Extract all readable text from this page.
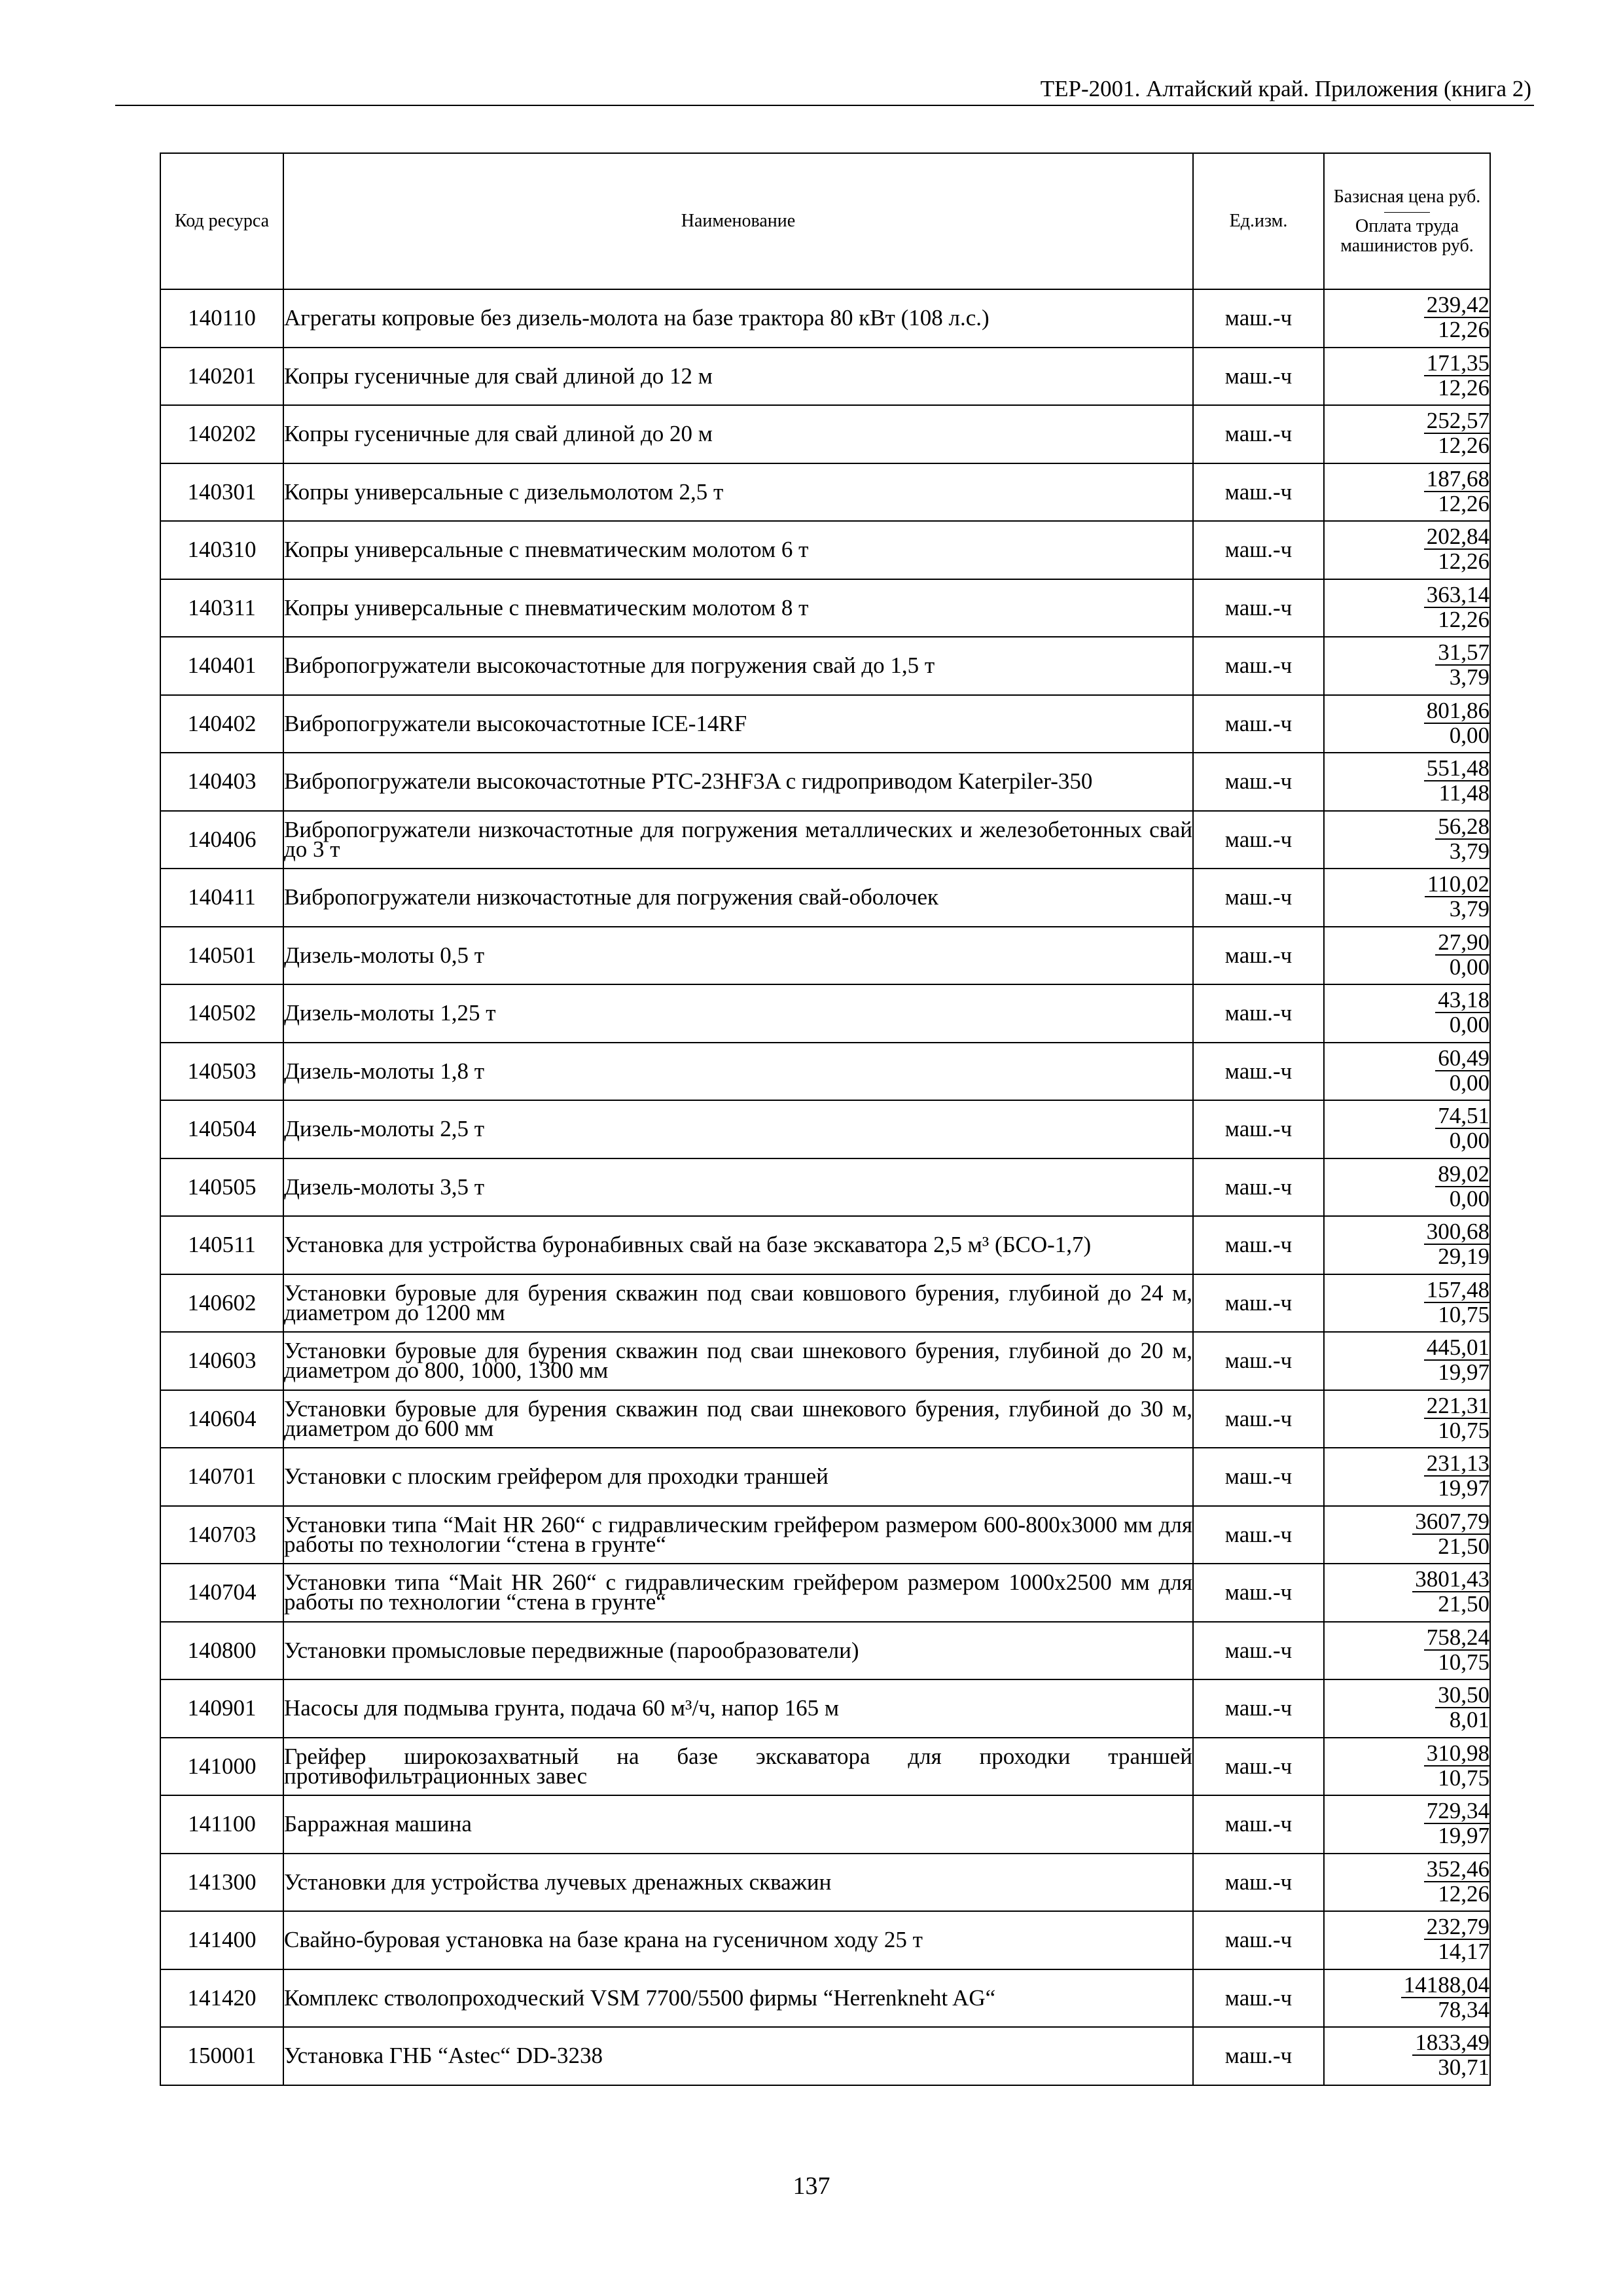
ТЕР-2001. Алтайский край. Приложения (книга 2)
Код ресурса	Наименование	Ед.изм.	Базисная цена руб.
Оплата труда машинистов руб.
140110	Агрегаты копровые без дизель-молота на базе трактора 80 кВт (108 л.с.)	маш.-ч	$\frac{239,42}{12,26}$

140201	Копры гусеничные для свай длиной до 12 м	маш.-ч	$\frac{171,35}{12,26}$

140202	Копры гусеничные для свай длиной до 20 м	маш.-ч	$\frac{252,57}{12,26}$

140301	Копры универсальные с дизельмолотом 2,5 т	маш.-ч	$\frac{187,68}{12,26}$

140310	Копры универсальные с пневматическим молотом 6 т	маш.-ч	$\frac{202,84}{12,26}$

140311	Копры универсальные с пневматическим молотом 8 т	маш.-ч	$\frac{363,14}{12,26}$

140401	Вибропогружатели высокочастотные для погружения свай до 1,5 т	маш.-ч	$\frac{31,57}{3,79}$

140402	Вибропогружатели высокочастотные ICE-14RF	маш.-ч	$\frac{801,86}{0,00}$

140403	Вибропогружатели высокочастотные PTC-23HF3A с гидроприводом Katerpiler-350	маш.-ч	$\frac{551,48}{11,48}$

140406	Вибропогружатели низкочастотные для погружения металлических и железобетонных свай до 3 т	маш.-ч	$\frac{56,28}{3,79}$

140411	Вибропогружатели низкочастотные для погружения свай-оболочек	маш.-ч	$\frac{110,02}{3,79}$

140501	Дизель-молоты 0,5 т	маш.-ч	$\frac{27,90}{0,00}$

140502	Дизель-молоты 1,25 т	маш.-ч	$\frac{43,18}{0,00}$

140503	Дизель-молоты 1,8 т	маш.-ч	$\frac{60,49}{0,00}$

140504	Дизель-молоты 2,5 т	маш.-ч	$\frac{74,51}{0,00}$

140505	Дизель-молоты 3,5 т	маш.-ч	$\frac{89,02}{0,00}$

140511	Установка для устройства буронабивных свай на базе экскаватора 2,5 м³ (БСО-1,7)	маш.-ч	$\frac{300,68}{29,19}$

140602	Установки буровые для бурения скважин под сваи ковшового бурения, глубиной до 24 м, диаметром до 1200 мм	маш.-ч	$\frac{157,48}{10,75}$

140603	Установки буровые для бурения скважин под сваи шнекового бурения, глубиной до 20 м, диаметром до 800, 1000, 1300 мм	маш.-ч	$\frac{445,01}{19,97}$

140604	Установки буровые для бурения скважин под сваи шнекового бурения, глубиной до 30 м, диаметром до 600 мм	маш.-ч	$\frac{221,31}{10,75}$

140701	Установки с плоским грейфером для проходки траншей	маш.-ч	$\frac{231,13}{19,97}$

140703	Установки типа “Mait HR 260“ с гидравлическим грейфером размером 600-800х3000 мм для работы по технологии “стена в грунте“	маш.-ч	$\frac{3607,79}{21,50}$

140704	Установки типа “Mait HR 260“ с гидравлическим грейфером размером 1000х2500 мм для работы по технологии “стена в грунте“	маш.-ч	$\frac{3801,43}{21,50}$

140800	Установки промысловые передвижные (парообразователи)	маш.-ч	$\frac{758,24}{10,75}$

140901	Насосы для подмыва грунта, подача 60 м³/ч, напор 165 м	маш.-ч	$\frac{30,50}{8,01}$

141000	Грейфер широкозахватный на базе экскаватора для проходки траншей противофильтрационных завес	маш.-ч	$\frac{310,98}{10,75}$

141100	Барражная машина	маш.-ч	$\frac{729,34}{19,97}$

141300	Установки для устройства лучевых дренажных скважин	маш.-ч	$\frac{352,46}{12,26}$

141400	Свайно-буровая установка на базе крана на гусеничном ходу 25 т	маш.-ч	$\frac{232,79}{14,17}$

141420	Комплекс стволопроходческий VSM 7700/5500 фирмы “Herrenkneht AG“	маш.-ч	$\frac{14188,04}{78,34}$

150001	Установка ГНБ “Astec“ DD-3238	маш.-ч	$\frac{1833,49}{30,71}$
137
